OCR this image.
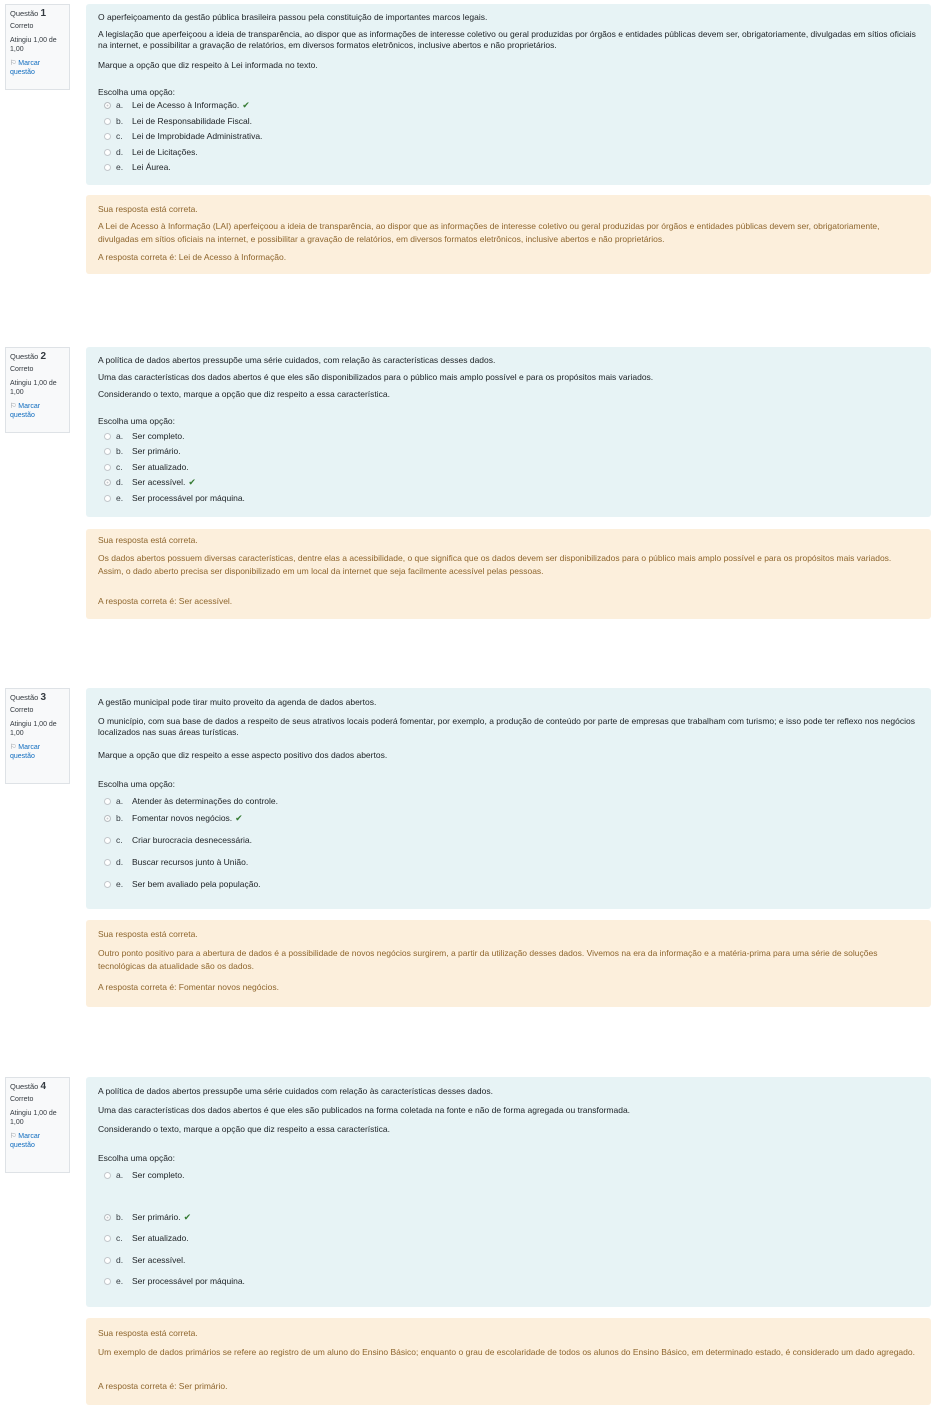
Questão 1
Correto
Atingiu 1,00 de 1,00
⚐ Marcar questão

O aperfeiçoamento da gestão pública brasileira passou pela constituição de importantes marcos legais.

A legislação que aperfeiçoou a ideia de transparência, ao dispor que as informações de interesse coletivo ou geral produzidas por órgãos e entidades públicas devem ser, obrigatoriamente, divulgadas em sítios oficiais na internet, e possibilitar a gravação de relatórios, em diversos formatos eletrônicos, inclusive abertos e não proprietários.

Marque a opção que diz respeito à Lei informada no texto.

Escolha uma opção:
a.	Lei de Acesso à Informação. ✔
b.	Lei de Responsabilidade Fiscal.
c.	Lei de Improbidade Administrativa.
d.	Lei de Licitações.
e.	Lei Áurea.
Sua resposta está correta.
A Lei de Acesso à Informação (LAI) aperfeiçoou a ideia de transparência, ao dispor que as informações de interesse coletivo ou geral produzidas por órgãos e entidades públicas devem ser, obrigatoriamente, divulgadas em sítios oficiais na internet, e possibilitar a gravação de relatórios, em diversos formatos eletrônicos, inclusive abertos e não proprietários.
A resposta correta é: Lei de Acesso à Informação.
Questão 2
Correto
Atingiu 1,00 de 1,00
⚐ Marcar questão

A política de dados abertos pressupõe uma série cuidados, com relação às características desses dados.

Uma das características dos dados abertos é que eles são disponibilizados para o público mais amplo possível e para os propósitos mais variados.

Considerando o texto, marque a opção que diz respeito a essa característica.

Escolha uma opção:
a.	Ser completo.
b.	Ser primário.
c.	Ser atualizado.
d.	Ser acessível. ✔
e.	Ser processável por máquina.
Sua resposta está correta.
Os dados abertos possuem diversas características, dentre elas a acessibilidade, o que significa que os dados devem ser disponibilizados para o público mais amplo possível e para os propósitos mais variados. Assim, o dado aberto precisa ser disponibilizado em um local da internet que seja facilmente acessível pelas pessoas.
A resposta correta é: Ser acessível.
Questão 3
Correto
Atingiu 1,00 de 1,00
⚐ Marcar questão

A gestão municipal pode tirar muito proveito da agenda de dados abertos.

O município, com sua base de dados a respeito de seus atrativos locais poderá fomentar, por exemplo, a produção de conteúdo por parte de empresas que trabalham com turismo; e isso pode ter reflexo nos negócios localizados nas suas áreas turísticas.

Marque a opção que diz respeito a esse aspecto positivo dos dados abertos.

Escolha uma opção:
a.	Atender às determinações do controle.
b.	Fomentar novos negócios. ✔
c.	Criar burocracia desnecessária.
d.	Buscar recursos junto à União.
e.	Ser bem avaliado pela população.
Sua resposta está correta.
Outro ponto positivo para a abertura de dados é a possibilidade de novos negócios surgirem, a partir da utilização desses dados. Vivemos na era da informação e a matéria-prima para uma série de soluções tecnológicas da atualidade são os dados.
A resposta correta é: Fomentar novos negócios.
Questão 4
Correto
Atingiu 1,00 de 1,00
⚐ Marcar questão

A política de dados abertos pressupõe uma série cuidados com relação às características desses dados.

Uma das características dos dados abertos é que eles são publicados na forma coletada na fonte e não de forma agregada ou transformada.

Considerando o texto, marque a opção que diz respeito a essa característica.

Escolha uma opção:
a.	Ser completo.
b.	Ser primário. ✔
c.	Ser atualizado.
d.	Ser acessível.
e.	Ser processável por máquina.
Sua resposta está correta.
Um exemplo de dados primários se refere ao registro de um aluno do Ensino Básico; enquanto o grau de escolaridade de todos os alunos do Ensino Básico, em determinado estado, é considerado um dado agregado.
A resposta correta é: Ser primário.
